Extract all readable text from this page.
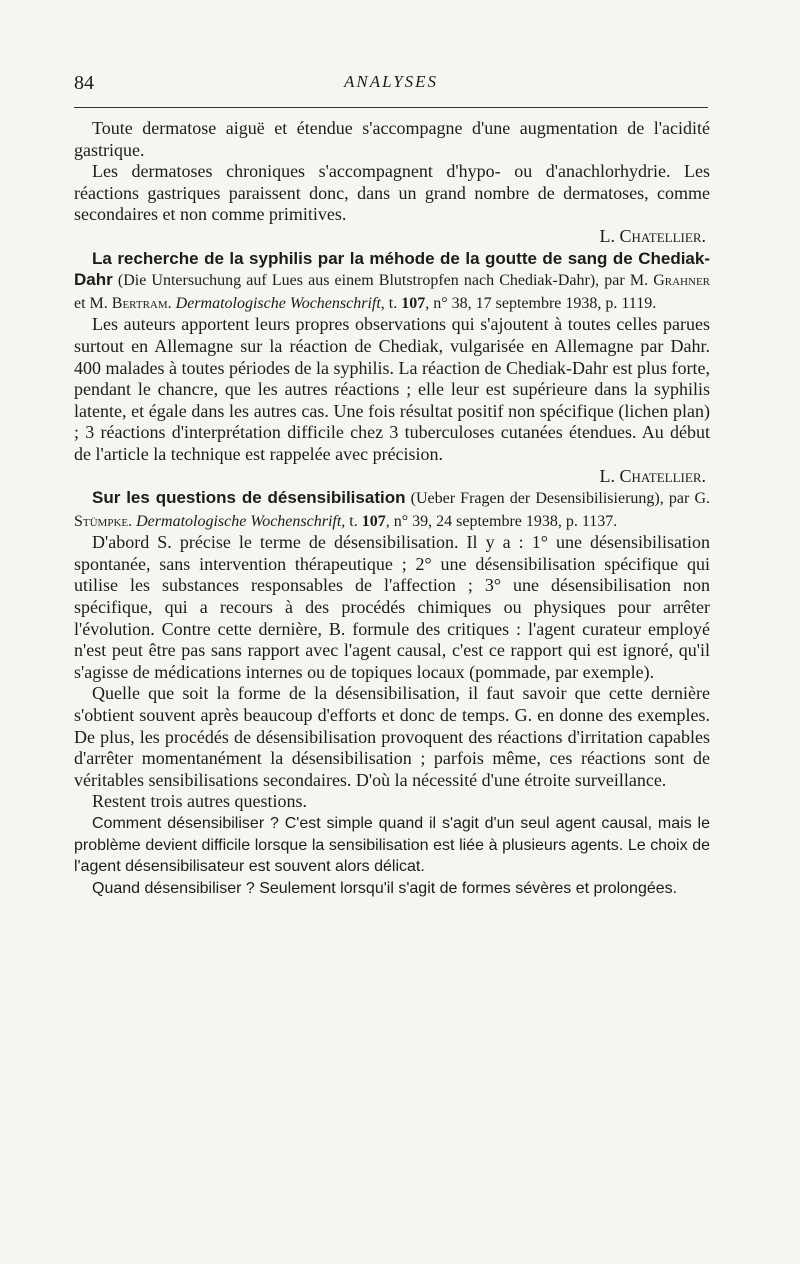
84	ANALYSES

Toute dermatose aiguë et étendue s'accompagne d'une augmentation de l'acidité gastrique.

Les dermatoses chroniques s'accompagnent d'hypo- ou d'anachlorhydrie. Les réactions gastriques paraissent donc, dans un grand nombre de dermatoses, comme secondaires et non comme primitives.

L. Chatellier.

La recherche de la syphilis par la méhode de la goutte de sang de Chediak-Dahr (Die Untersuchung auf Lues aus einem Blutstropfen nach Chediak-Dahr), par M. Grahner et M. Bertram. Dermatologische Wochenschrift, t. 107, n° 38, 17 septembre 1938, p. 1119.

Les auteurs apportent leurs propres observations qui s'ajoutent à toutes celles parues surtout en Allemagne sur la réaction de Chediak, vulgarisée en Allemagne par Dahr. 400 malades à toutes périodes de la syphilis. La réaction de Chediak-Dahr est plus forte, pendant le chancre, que les autres réactions ; elle leur est supérieure dans la syphilis latente, et égale dans les autres cas. Une fois résultat positif non spécifique (lichen plan) ; 3 réactions d'interprétation difficile chez 3 tuberculoses cutanées étendues. Au début de l'article la technique est rappelée avec précision.

L. Chatellier.

Sur les questions de désensibilisation (Ueber Fragen der Desensibilisierung), par G. Stümpke. Dermatologische Wochenschrift, t. 107, n° 39, 24 septembre 1938, p. 1137.

D'abord S. précise le terme de désensibilisation. Il y a : 1° une désensibilisation spontanée, sans intervention thérapeutique ; 2° une désensibilisation spécifique qui utilise les substances responsables de l'affection ; 3° une désensibilisation non spécifique, qui a recours à des procédés chimiques ou physiques pour arrêter l'évolution. Contre cette dernière, B. formule des critiques : l'agent curateur employé n'est peut être pas sans rapport avec l'agent causal, c'est ce rapport qui est ignoré, qu'il s'agisse de médications internes ou de topiques locaux (pommade, par exemple).

Quelle que soit la forme de la désensibilisation, il faut savoir que cette dernière s'obtient souvent après beaucoup d'efforts et donc de temps. G. en donne des exemples. De plus, les procédés de désensibilisation provoquent des réactions d'irritation capables d'arrêter momentanément la désensibilisation ; parfois même, ces réactions sont de véritables sensibilisations secondaires. D'où la nécessité d'une étroite surveillance.

Restent trois autres questions.

Comment désensibiliser ? C'est simple quand il s'agit d'un seul agent causal, mais le problème devient difficile lorsque la sensibilisation est liée à plusieurs agents. Le choix de l'agent désensibilisateur est souvent alors délicat.

Quand désensibiliser ? Seulement lorsqu'il s'agit de formes sévères et prolongées.
